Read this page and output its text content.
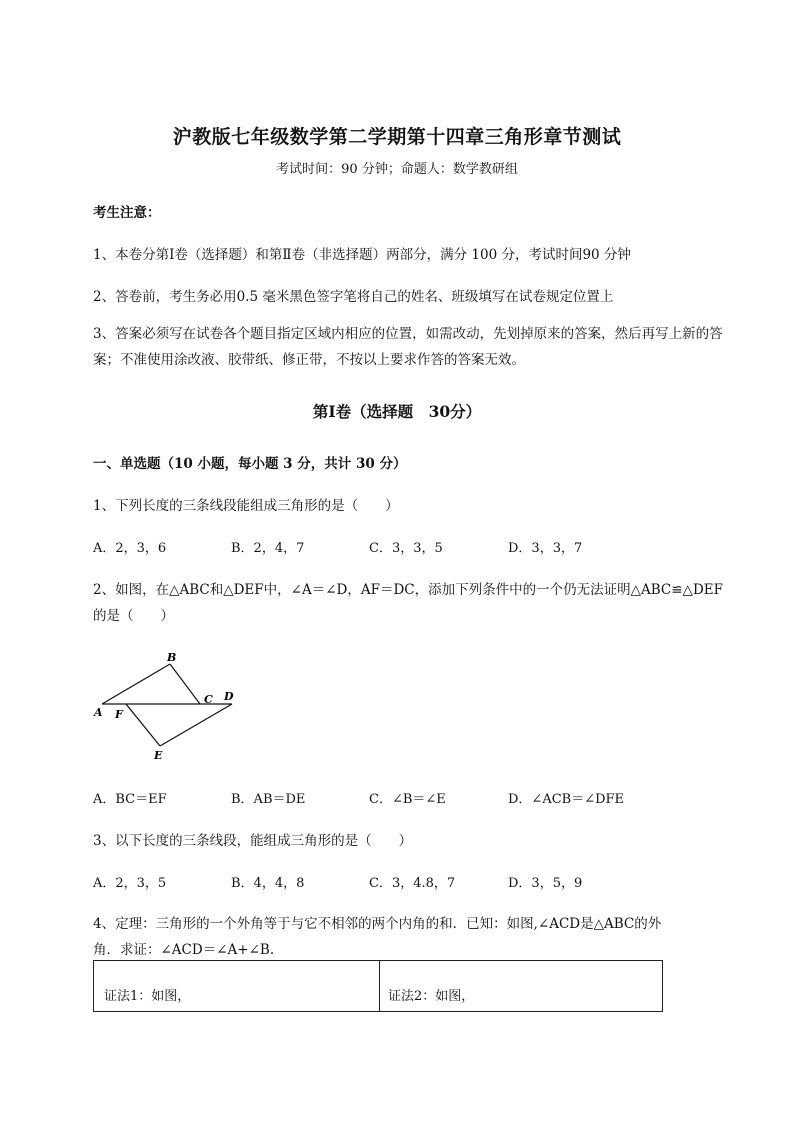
沪教版七年级数学第二学期第十四章三角形章节测试
考试时间：90 分钟；命题人：数学教研组
考生注意：
1、本卷分第Ⅰ卷（选择题）和第Ⅱ卷（非选择题）两部分，满分 100 分，考试时间90 分钟
2、答卷前，考生务必用0.5 毫米黑色签字笔将自己的姓名、班级填写在试卷规定位置上
3、答案必须写在试卷各个题目指定区域内相应的位置，如需改动，先划掉原来的答案，然后再写上新的答案；不准使用涂改液、胶带纸、修正带，不按以上要求作答的答案无效。
第Ⅰ卷（选择题　30分）
一、单选题（10 小题，每小题 3 分，共计 30 分）
1、下列长度的三条线段能组成三角形的是（　　）
A．2，3，6	B．2，4，7	C．3，3，5	D．3，3，7
2、如图，在△ABC和△DEF中，∠A＝∠D，AF＝DC，添加下列条件中的一个仍无法证明△ABC≌△DEF
的是（　　）
A
B
C D
E
F
A．BC＝EF	B．AB＝DE	C．∠B＝∠E	D．∠ACB＝∠DFE
3、以下长度的三条线段，能组成三角形的是（　　）
A．2，3，5	B．4，4，8	C．3，4.8，7	D．3，5，9
4、定理：三角形的一个外角等于与它不相邻的两个内角的和．已知：如图,∠ACD是△ABC的外
角．求证：∠ACD＝∠A+∠B.
证法1：如图，	证法2：如图，
